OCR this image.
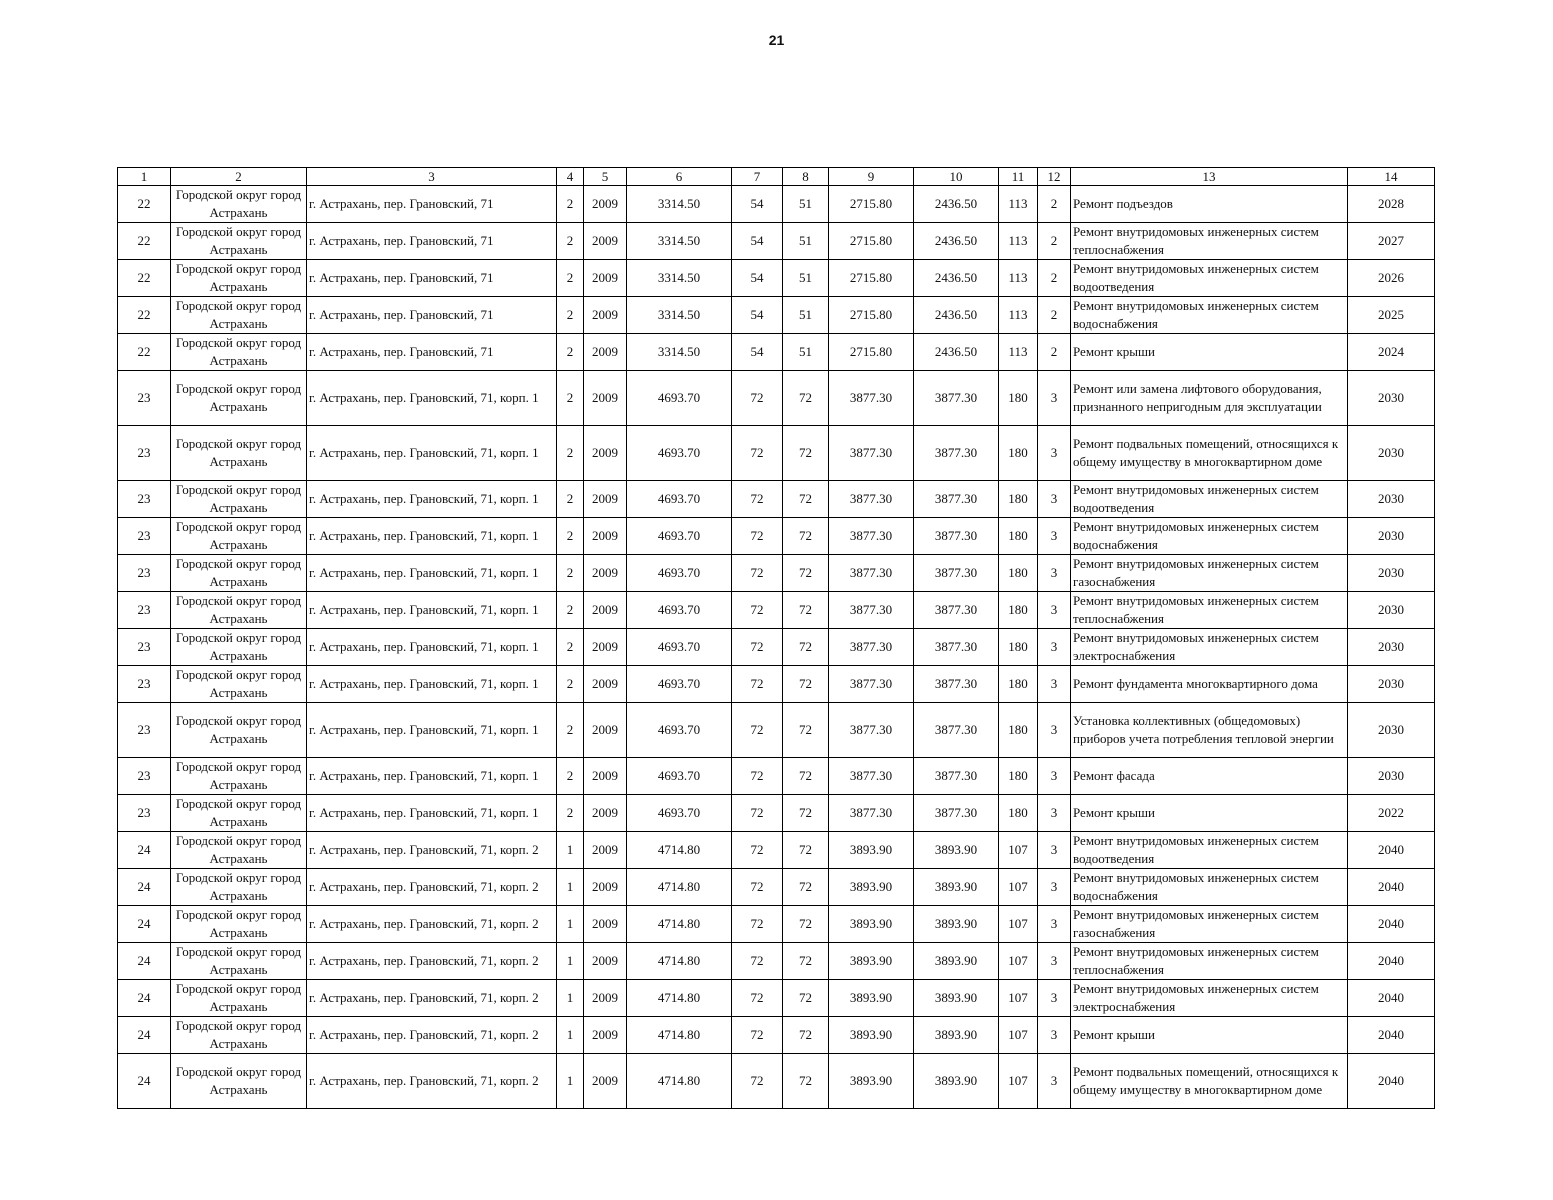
21
1	2	3	4	5	6	7	8	9	10	11	12	13	14
22	Городской округ город Астрахань	г. Астрахань, пер. Грановский, 71	2	2009	3314.50	54	51	2715.80	2436.50	113	2	Ремонт подъездов	2028
22	Городской округ город Астрахань	г. Астрахань, пер. Грановский, 71	2	2009	3314.50	54	51	2715.80	2436.50	113	2	Ремонт внутридомовых инженерных систем теплоснабжения	2027
22	Городской округ город Астрахань	г. Астрахань, пер. Грановский, 71	2	2009	3314.50	54	51	2715.80	2436.50	113	2	Ремонт внутридомовых инженерных систем водоотведения	2026
22	Городской округ город Астрахань	г. Астрахань, пер. Грановский, 71	2	2009	3314.50	54	51	2715.80	2436.50	113	2	Ремонт внутридомовых инженерных систем водоснабжения	2025
22	Городской округ город Астрахань	г. Астрахань, пер. Грановский, 71	2	2009	3314.50	54	51	2715.80	2436.50	113	2	Ремонт крыши	2024
23	Городской округ город Астрахань	г. Астрахань, пер. Грановский, 71, корп. 1	2	2009	4693.70	72	72	3877.30	3877.30	180	3	Ремонт или замена лифтового оборудования, признанного непригодным для эксплуатации	2030
23	Городской округ город Астрахань	г. Астрахань, пер. Грановский, 71, корп. 1	2	2009	4693.70	72	72	3877.30	3877.30	180	3	Ремонт подвальных помещений, относящихся к общему имуществу в многоквартирном доме	2030
23	Городской округ город Астрахань	г. Астрахань, пер. Грановский, 71, корп. 1	2	2009	4693.70	72	72	3877.30	3877.30	180	3	Ремонт внутридомовых инженерных систем водоотведения	2030
23	Городской округ город Астрахань	г. Астрахань, пер. Грановский, 71, корп. 1	2	2009	4693.70	72	72	3877.30	3877.30	180	3	Ремонт внутридомовых инженерных систем водоснабжения	2030
23	Городской округ город Астрахань	г. Астрахань, пер. Грановский, 71, корп. 1	2	2009	4693.70	72	72	3877.30	3877.30	180	3	Ремонт внутридомовых инженерных систем газоснабжения	2030
23	Городской округ город Астрахань	г. Астрахань, пер. Грановский, 71, корп. 1	2	2009	4693.70	72	72	3877.30	3877.30	180	3	Ремонт внутридомовых инженерных систем теплоснабжения	2030
23	Городской округ город Астрахань	г. Астрахань, пер. Грановский, 71, корп. 1	2	2009	4693.70	72	72	3877.30	3877.30	180	3	Ремонт внутридомовых инженерных систем электроснабжения	2030
23	Городской округ город Астрахань	г. Астрахань, пер. Грановский, 71, корп. 1	2	2009	4693.70	72	72	3877.30	3877.30	180	3	Ремонт фундамента многоквартирного дома	2030
23	Городской округ город Астрахань	г. Астрахань, пер. Грановский, 71, корп. 1	2	2009	4693.70	72	72	3877.30	3877.30	180	3	Установка коллективных (общедомовых) приборов учета потребления тепловой энергии	2030
23	Городской округ город Астрахань	г. Астрахань, пер. Грановский, 71, корп. 1	2	2009	4693.70	72	72	3877.30	3877.30	180	3	Ремонт фасада	2030
23	Городской округ город Астрахань	г. Астрахань, пер. Грановский, 71, корп. 1	2	2009	4693.70	72	72	3877.30	3877.30	180	3	Ремонт крыши	2022
24	Городской округ город Астрахань	г. Астрахань, пер. Грановский, 71, корп. 2	1	2009	4714.80	72	72	3893.90	3893.90	107	3	Ремонт внутридомовых инженерных систем водоотведения	2040
24	Городской округ город Астрахань	г. Астрахань, пер. Грановский, 71, корп. 2	1	2009	4714.80	72	72	3893.90	3893.90	107	3	Ремонт внутридомовых инженерных систем водоснабжения	2040
24	Городской округ город Астрахань	г. Астрахань, пер. Грановский, 71, корп. 2	1	2009	4714.80	72	72	3893.90	3893.90	107	3	Ремонт внутридомовых инженерных систем газоснабжения	2040
24	Городской округ город Астрахань	г. Астрахань, пер. Грановский, 71, корп. 2	1	2009	4714.80	72	72	3893.90	3893.90	107	3	Ремонт внутридомовых инженерных систем теплоснабжения	2040
24	Городской округ город Астрахань	г. Астрахань, пер. Грановский, 71, корп. 2	1	2009	4714.80	72	72	3893.90	3893.90	107	3	Ремонт внутридомовых инженерных систем электроснабжения	2040
24	Городской округ город Астрахань	г. Астрахань, пер. Грановский, 71, корп. 2	1	2009	4714.80	72	72	3893.90	3893.90	107	3	Ремонт крыши	2040
24	Городской округ город Астрахань	г. Астрахань, пер. Грановский, 71, корп. 2	1	2009	4714.80	72	72	3893.90	3893.90	107	3	Ремонт подвальных помещений, относящихся к общему имуществу в многоквартирном доме	2040
